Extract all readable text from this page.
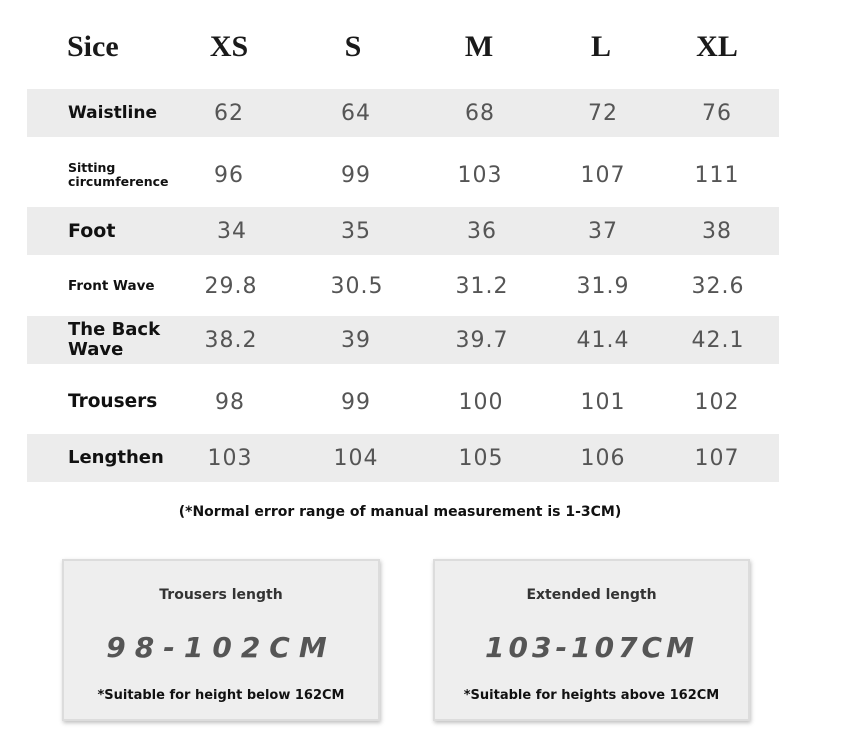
Sice	XS	S	M	L	XL
Waistline	62	64	68	72	76
Sitting circumference	96	99	103	107	111
Foot	34	35	36	37	38
Front Wave	29.8	30.5	31.2	31.9	32.6
The Back Wave	38.2	39	39.7	41.4	42.1
Trousers	98	99	100	101	102
Lengthen	103	104	105	106	107
(*Normal error range of manual measurement is 1-3CM)
Trousers length
98-102CM
*Suitable for height below 162CM
Extended length
103-107CM
*Suitable for heights above 162CM
